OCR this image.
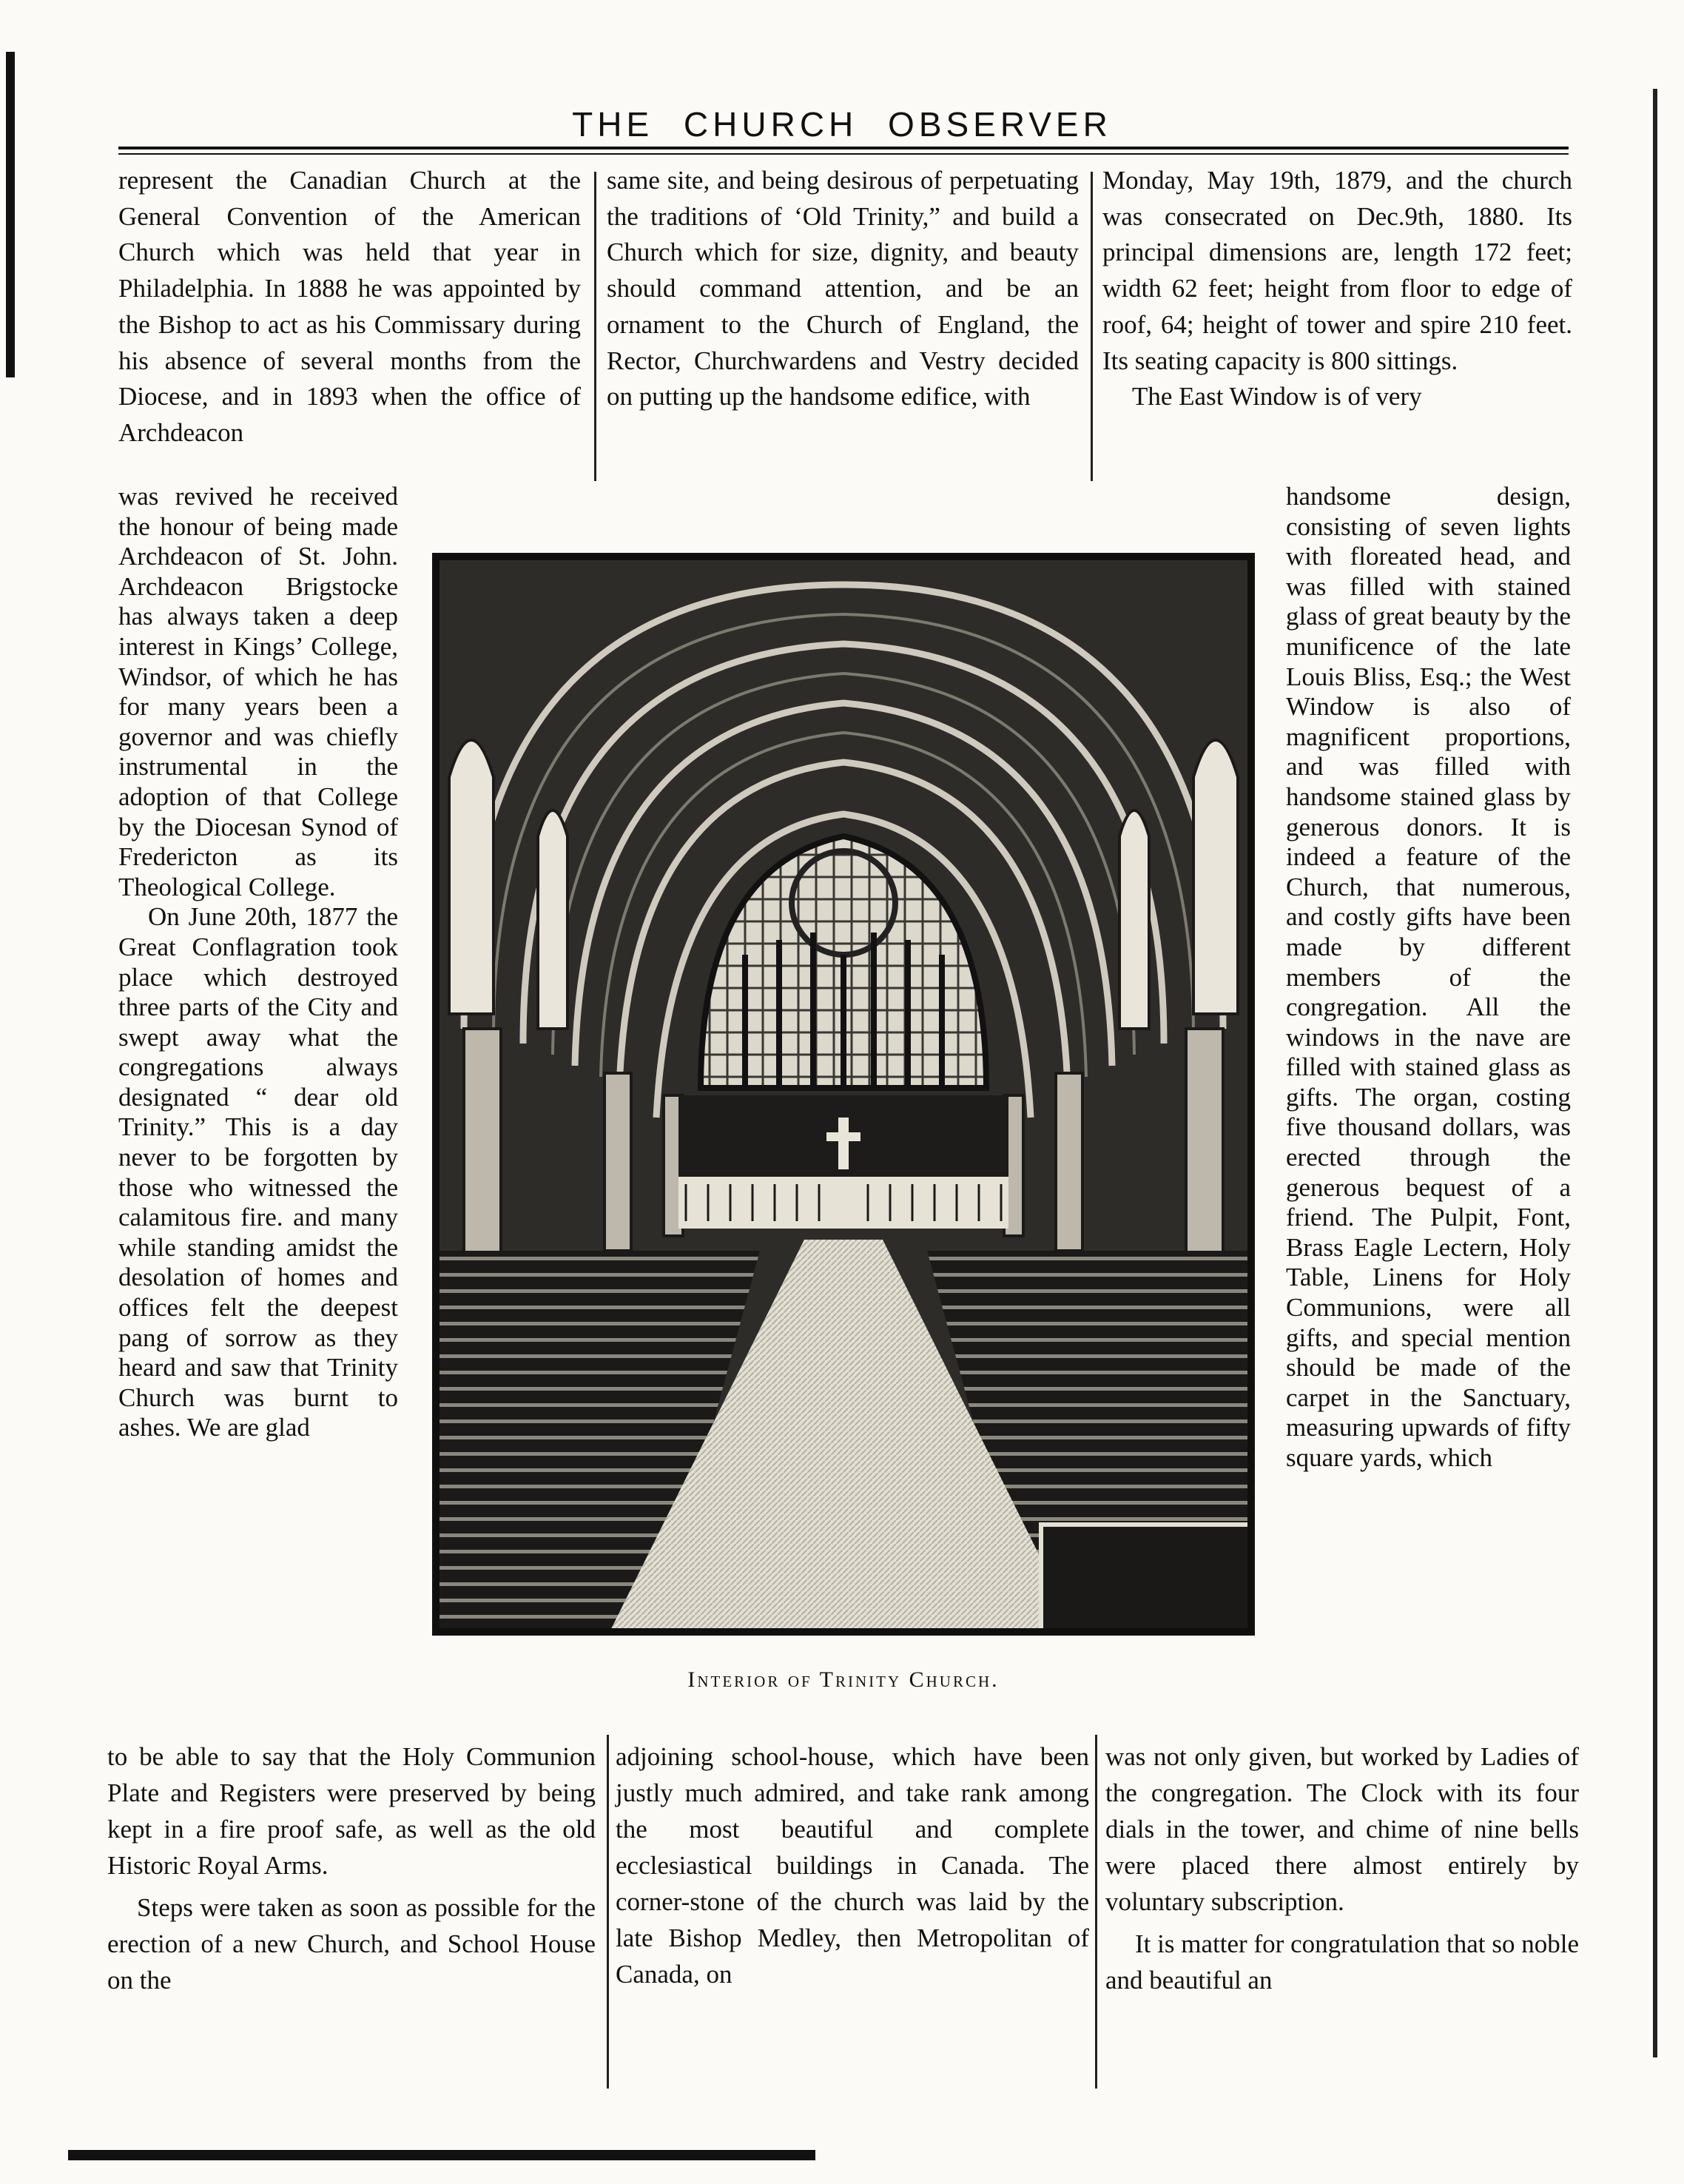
THE CHURCH OBSERVER

represent the Canadian Church at the General Convention of the American Church which was held that year in Philadelphia. In 1888 he was appointed by the Bishop to act as his Commissary during his absence of several months from the Diocese, and in 1893 when the office of Archdeacon

same site, and being desirous of perpetuating the traditions of ‘Old Trinity,” and build a Church which for size, dignity, and beauty should command attention, and be an ornament to the Church of England, the Rector, Churchwardens and Vestry decided on putting up the handsome edifice, with

Monday, May 19th, 1879, and the church was consecrated on Dec.9th, 1880. Its principal dimensions are, length 172 feet; width 62 feet; height from floor to edge of roof, 64; height of tower and spire 210 feet. Its seating capacity is 800 sittings.

The East Window is of very

was revived he received the honour of being made Archdeacon of St. John. Archdeacon Brigstocke has always taken a deep interest in Kings’ College, Windsor, of which he has for many years been a governor and was chiefly instrumental in the adoption of that College by the Diocesan Synod of Fredericton as its Theological College.

On June 20th, 1877 the Great Conflagration took place which destroyed three parts of the City and swept away what the congregations always designated “ dear old Trinity.” This is a day never to be forgotten by those who witnessed the calamitous fire. and many while standing amidst the desolation of homes and offices felt the deepest pang of sorrow as they heard and saw that Trinity Church was burnt to ashes. We are glad

Interior of Trinity Church.

handsome design, consisting of seven lights with floreated head, and was filled with stained glass of great beauty by the munificence of the late Louis Bliss, Esq.; the West Window is also of magnificent proportions, and was filled with handsome stained glass by generous donors. It is indeed a feature of the Church, that numerous, and costly gifts have been made by different members of the congregation. All the windows in the nave are filled with stained glass as gifts. The organ, costing five thousand dollars, was erected through the generous bequest of a friend. The Pulpit, Font, Brass Eagle Lectern, Holy Table, Linens for Holy Communions, were all gifts, and special mention should be made of the carpet in the Sanctuary, measuring upwards of fifty square yards, which

to be able to say that the Holy Communion Plate and Registers were preserved by being kept in a fire proof safe, as well as the old Historic Royal Arms.

Steps were taken as soon as possible for the erection of a new Church, and School House on the

adjoining school-house, which have been justly much admired, and take rank among the most beautiful and complete ecclesiastical buildings in Canada. The corner-stone of the church was laid by the late Bishop Medley, then Metropolitan of Canada, on

was not only given, but worked by Ladies of the congregation. The Clock with its four dials in the tower, and chime of nine bells were placed there almost entirely by voluntary subscription.

It is matter for congratulation that so noble and beautiful an
